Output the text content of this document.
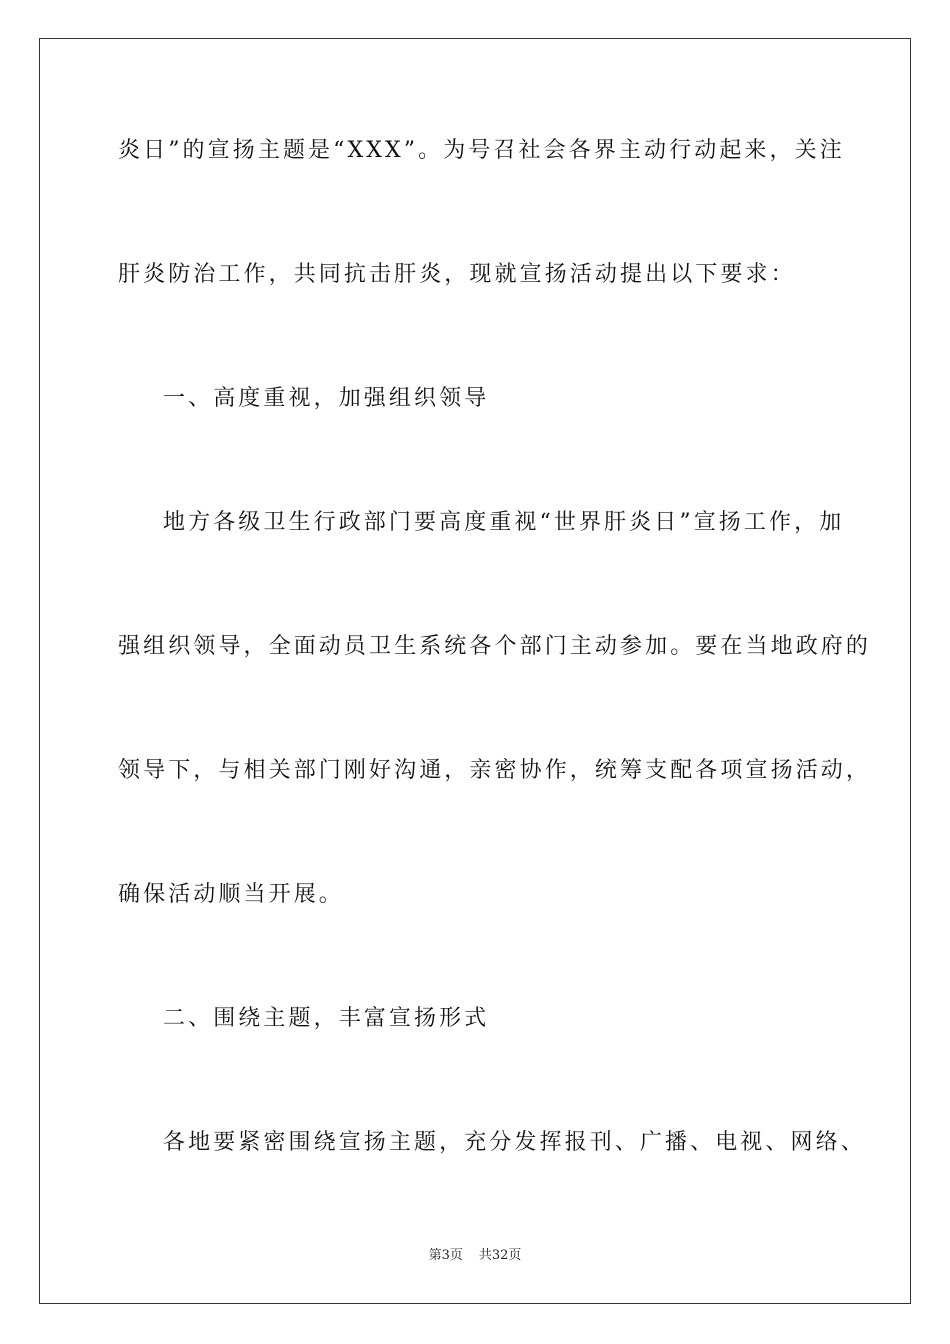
炎日”的宣扬主题是“XXX”。为号召社会各界主动行动起来，关注
肝炎防治工作，共同抗击肝炎，现就宣扬活动提出以下要求：
一、高度重视，加强组织领导
地方各级卫生行政部门要高度重视“世界肝炎日”宣扬工作，加
强组织领导，全面动员卫生系统各个部门主动参加。要在当地政府的
领导下，与相关部门刚好沟通，亲密协作，统筹支配各项宣扬活动，
确保活动顺当开展。
二、围绕主题，丰富宣扬形式
各地要紧密围绕宣扬主题，充分发挥报刊、广播、电视、网络、
第3页 共32页
